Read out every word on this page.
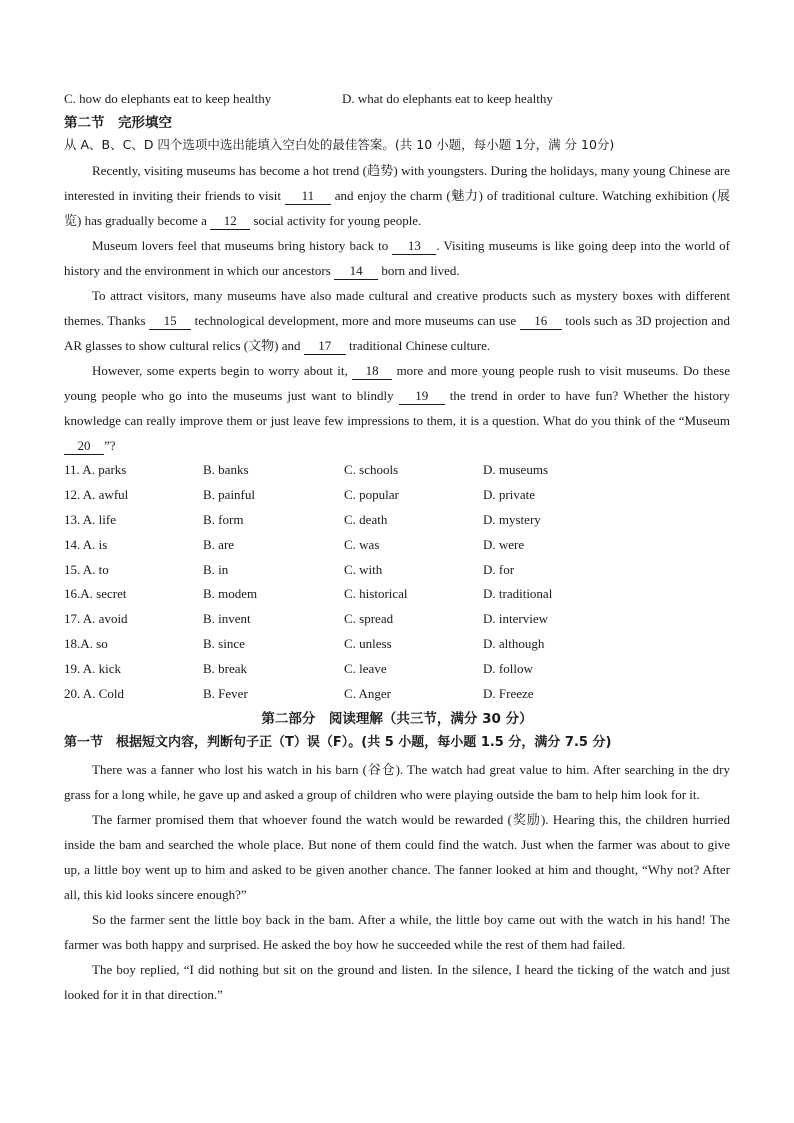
C. how do elephants eat to keep healthy	D. what do elephants eat to keep healthy
第二节　完形填空
从 A、B、C、D 四个选项中选出能填入空白处的最佳答案。(共 10 小题，每小题 1分，满 分 10分)

Recently, visiting museums has become a hot trend (趋势) with youngsters. During the holidays, many young Chinese are interested in inviting their friends to visit 11 and enjoy the charm (魅力) of traditional culture. Watching exhibition (展览) has gradually become a 12 social activity for young people.

Museum lovers feel that museums bring history back to 13 . Visiting museums is like going deep into the world of history and the environment in which our ancestors 14 born and lived.

To attract visitors, many museums have also made cultural and creative products such as mystery boxes with different themes. Thanks 15 technological development, more and more museums can use 16 tools such as 3D projection and AR glasses to show cultural relics (文物) and 17 traditional Chinese culture.

However, some experts begin to worry about it, 18 more and more young people rush to visit museums. Do these young people who go into the museums just want to blindly 19 the trend in order to have fun? Whether the history knowledge can really improve them or just leave few impressions to them, it is a question. What do you think of the “Museum 20 ”?

11. A. parks	B. banks	C. schools	D. museums
12. A. awful	B. painful	C. popular	D. private
13. A. life	B. form	C. death	D. mystery
14. A. is	B. are	C. was	D. were
15. A. to	B. in	C. with	D. for
16.A. secret	B. modem	C. historical	D. traditional
17. A. avoid	B. invent	C. spread	D. interview
18.A. so	B. since	C. unless	D. although
19. A. kick	B. break	C. leave	D. follow
20. A. Cold	B. Fever	C. Anger	D. Freeze
第二部分　阅读理解（共三节，满分 30 分）
第一节　根据短文内容，判断句子正（T）误（F）。(共 5 小题，每小题 1.5 分，满分 7.5 分)

There was a fanner who lost his watch in his barn (谷仓). The watch had great value to him. After searching in the dry grass for a long while, he gave up and asked a group of children who were playing outside the bam to help him look for it.

The farmer promised them that whoever found the watch would be rewarded (奖励). Hearing this, the children hurried inside the bam and searched the whole place. But none of them could find the watch. Just when the farmer was about to give up, a little boy went up to him and asked to be given another chance. The fanner looked at him and thought, “Why not? After all, this kid looks sincere enough?”

So the farmer sent the little boy back in the bam. After a while, the little boy came out with the watch in his hand! The farmer was both happy and surprised. He asked the boy how he succeeded while the rest of them had failed.

The boy replied, “I did nothing but sit on the ground and listen. In the silence, I heard the ticking of the watch and just looked for it in that direction.”
